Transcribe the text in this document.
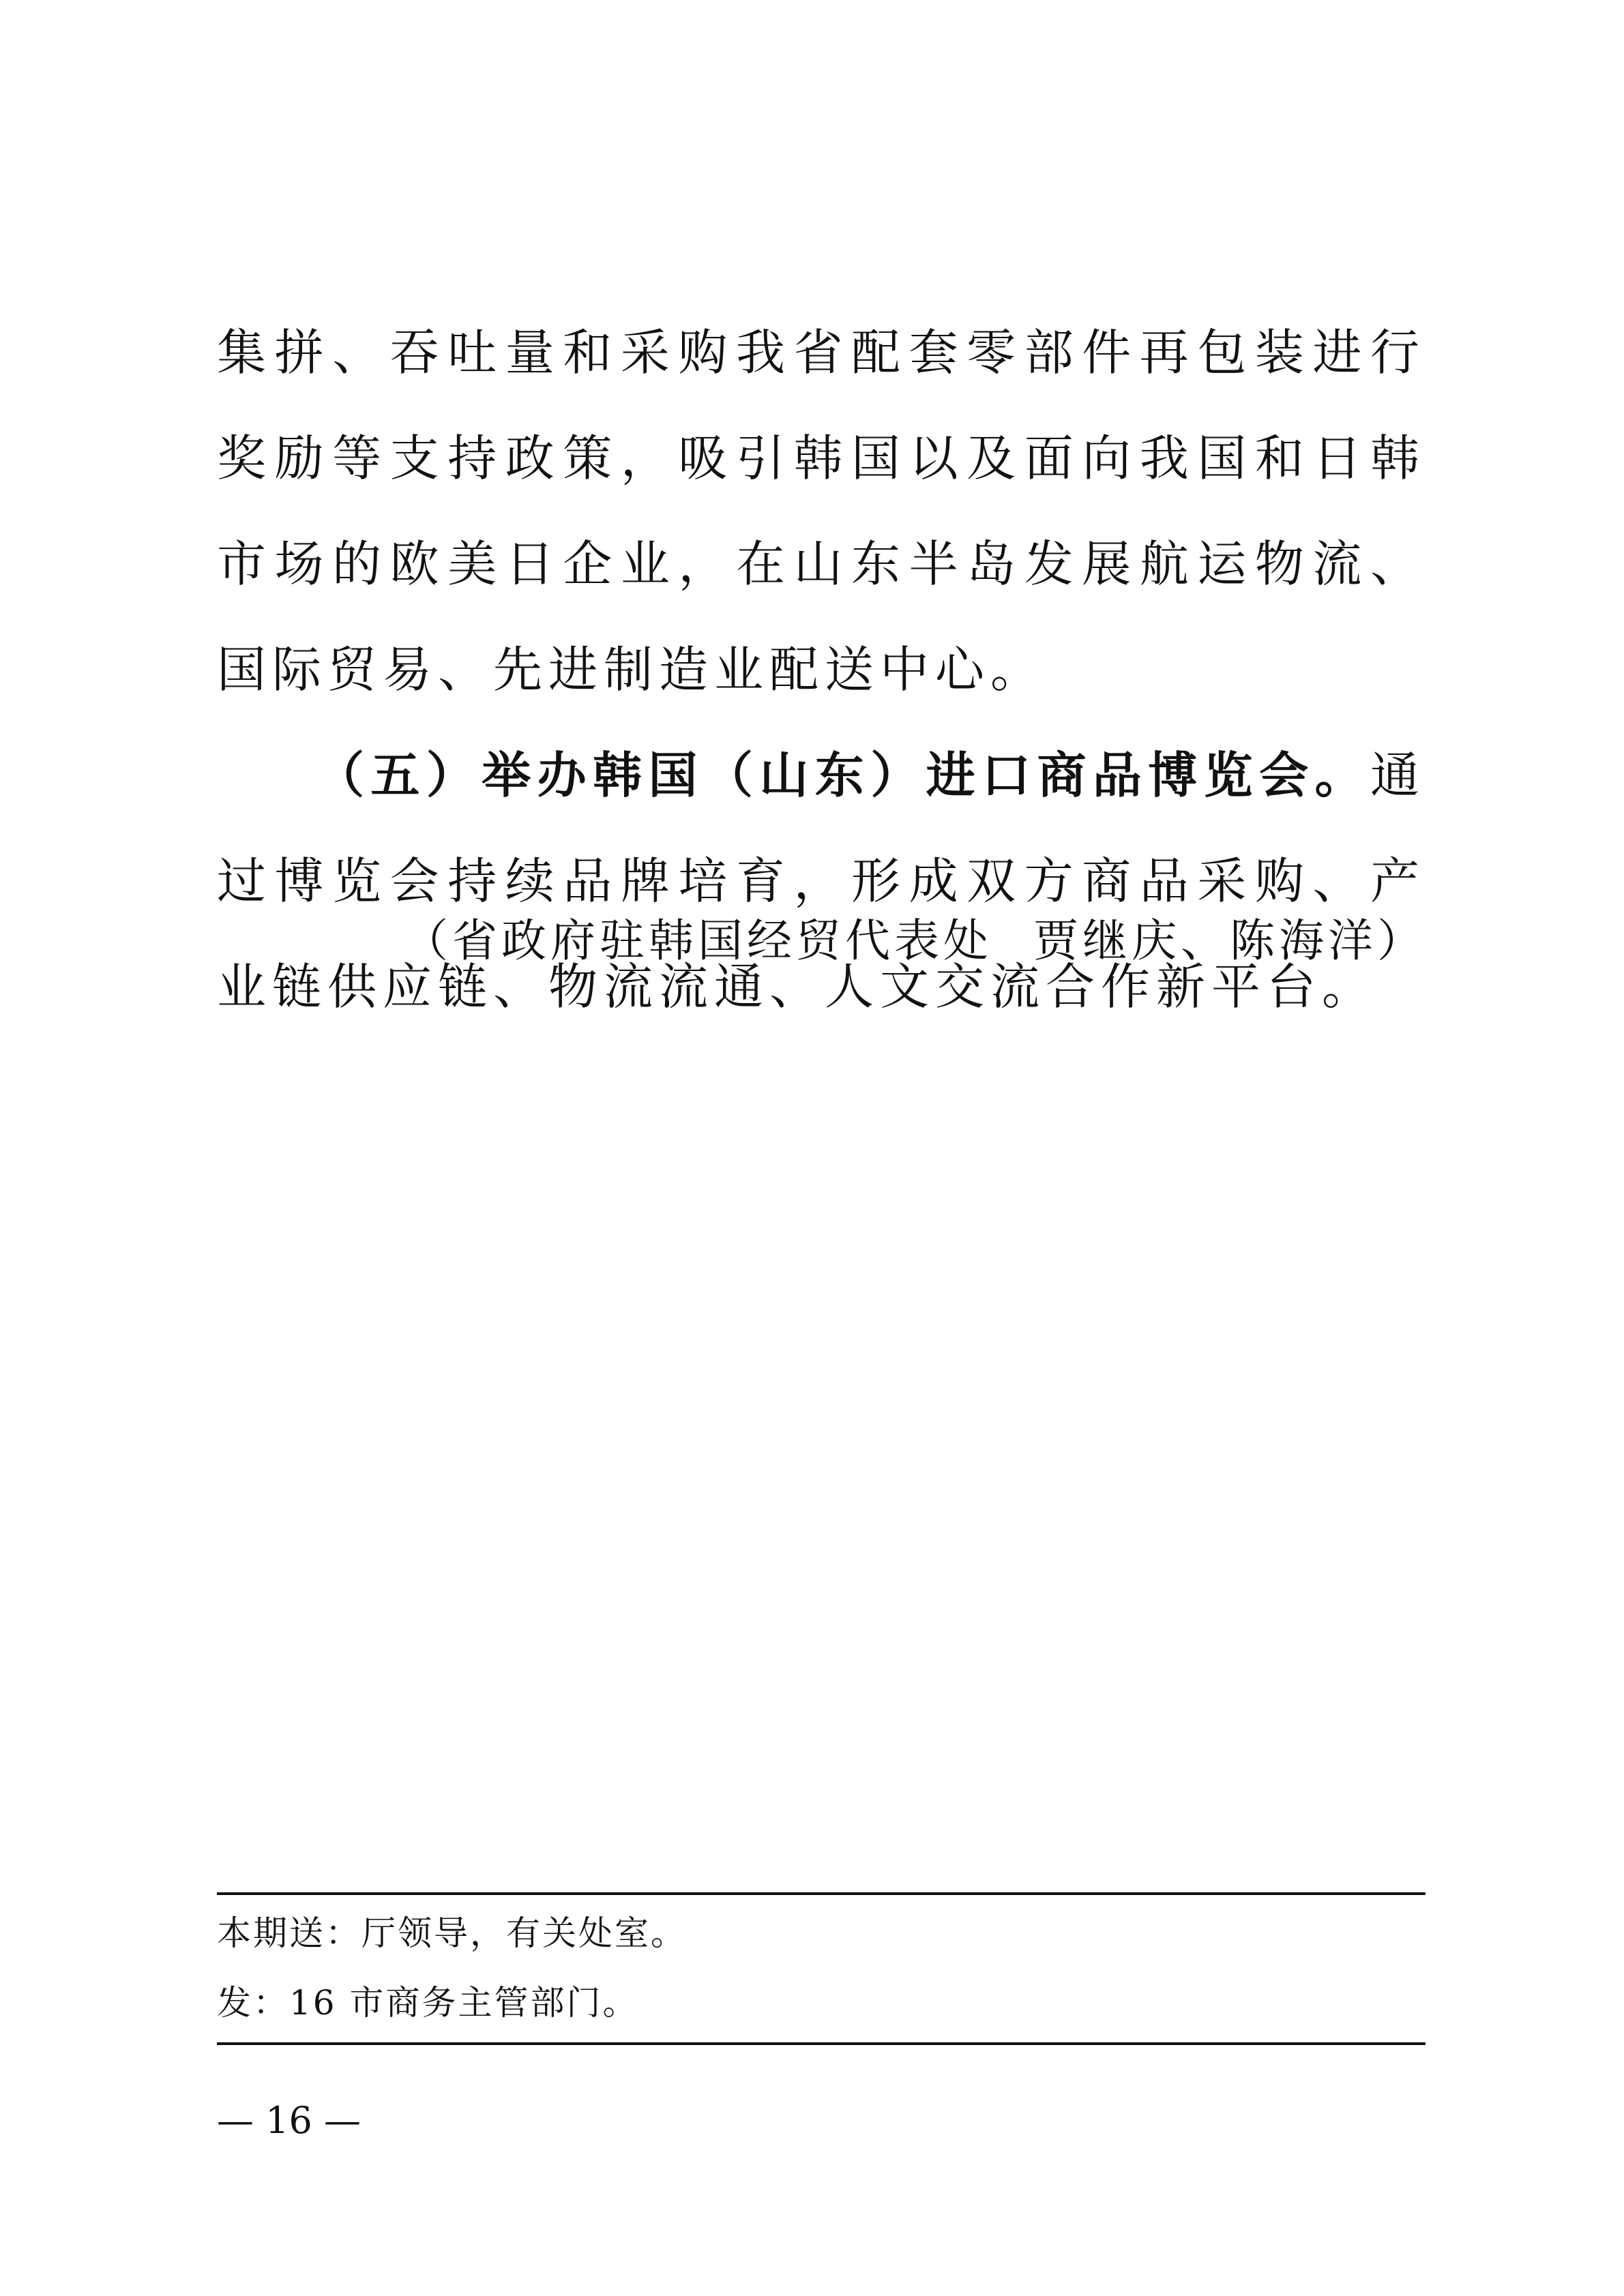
集拼、吞吐量和采购我省配套零部件再包装进行奖励等支持政策，吸引韩国以及面向我国和日韩市场的欧美日企业，在山东半岛发展航运物流、国际贸易、先进制造业配送中心。

（五）举办韩国（山东）进口商品博览会。通过博览会持续品牌培育，形成双方商品采购、产业链供应链、物流流通、人文交流合作新平台。

（省政府驻韩国经贸代表处 贾继庆、陈海洋）
本期送：厅领导，有关处室。
发：16 市商务主管部门。
— 16 —
